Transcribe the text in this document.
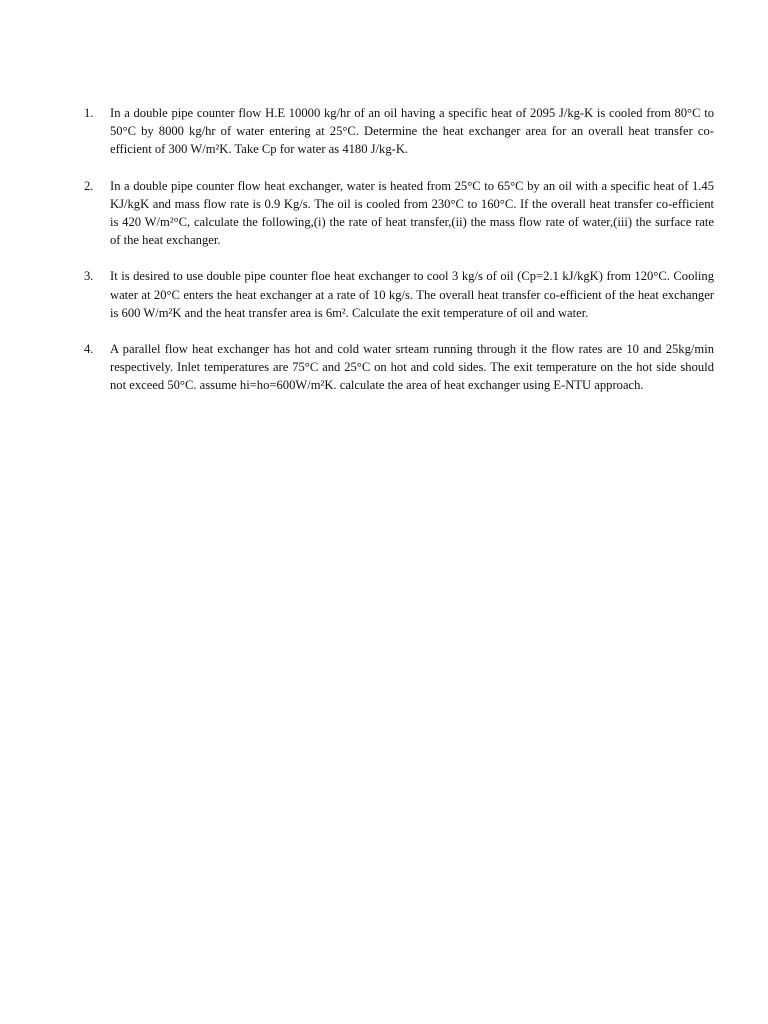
1.	In a double pipe counter flow H.E 10000 kg/hr of an oil having a specific heat of 2095 J/kg-K is cooled from 80°C to 50°C by 8000 kg/hr of water entering at 25°C. Determine the heat exchanger area for an overall heat transfer co-efficient of 300 W/m²K. Take Cp for water as 4180 J/kg-K.
2.	In a double pipe counter flow heat exchanger, water is heated from 25°C to 65°C by an oil with a specific heat of 1.45 KJ/kgK and mass flow rate is 0.9 Kg/s. The oil is cooled from 230°C to 160°C. If the overall heat transfer co-efficient is 420 W/m²°C, calculate the following,(i) the rate of heat transfer,(ii) the mass flow rate of water,(iii) the surface rate of the heat exchanger.
3.	It is desired to use double pipe counter floe heat exchanger to cool 3 kg/s of oil (Cp=2.1 kJ/kgK) from 120°C. Cooling water at 20°C enters the heat exchanger at a rate of 10 kg/s. The overall heat transfer co-efficient of the heat exchanger is 600 W/m²K and the heat transfer area is 6m². Calculate the exit temperature of oil and water.
4.	A parallel flow heat exchanger has hot and cold water srteam running through it the flow rates are 10 and 25kg/min respectively. Inlet temperatures are 75°C and 25°C on hot and cold sides. The exit temperature on the hot side should not exceed 50°C. assume hi=ho=600W/m²K. calculate the area of heat exchanger using E-NTU approach.
